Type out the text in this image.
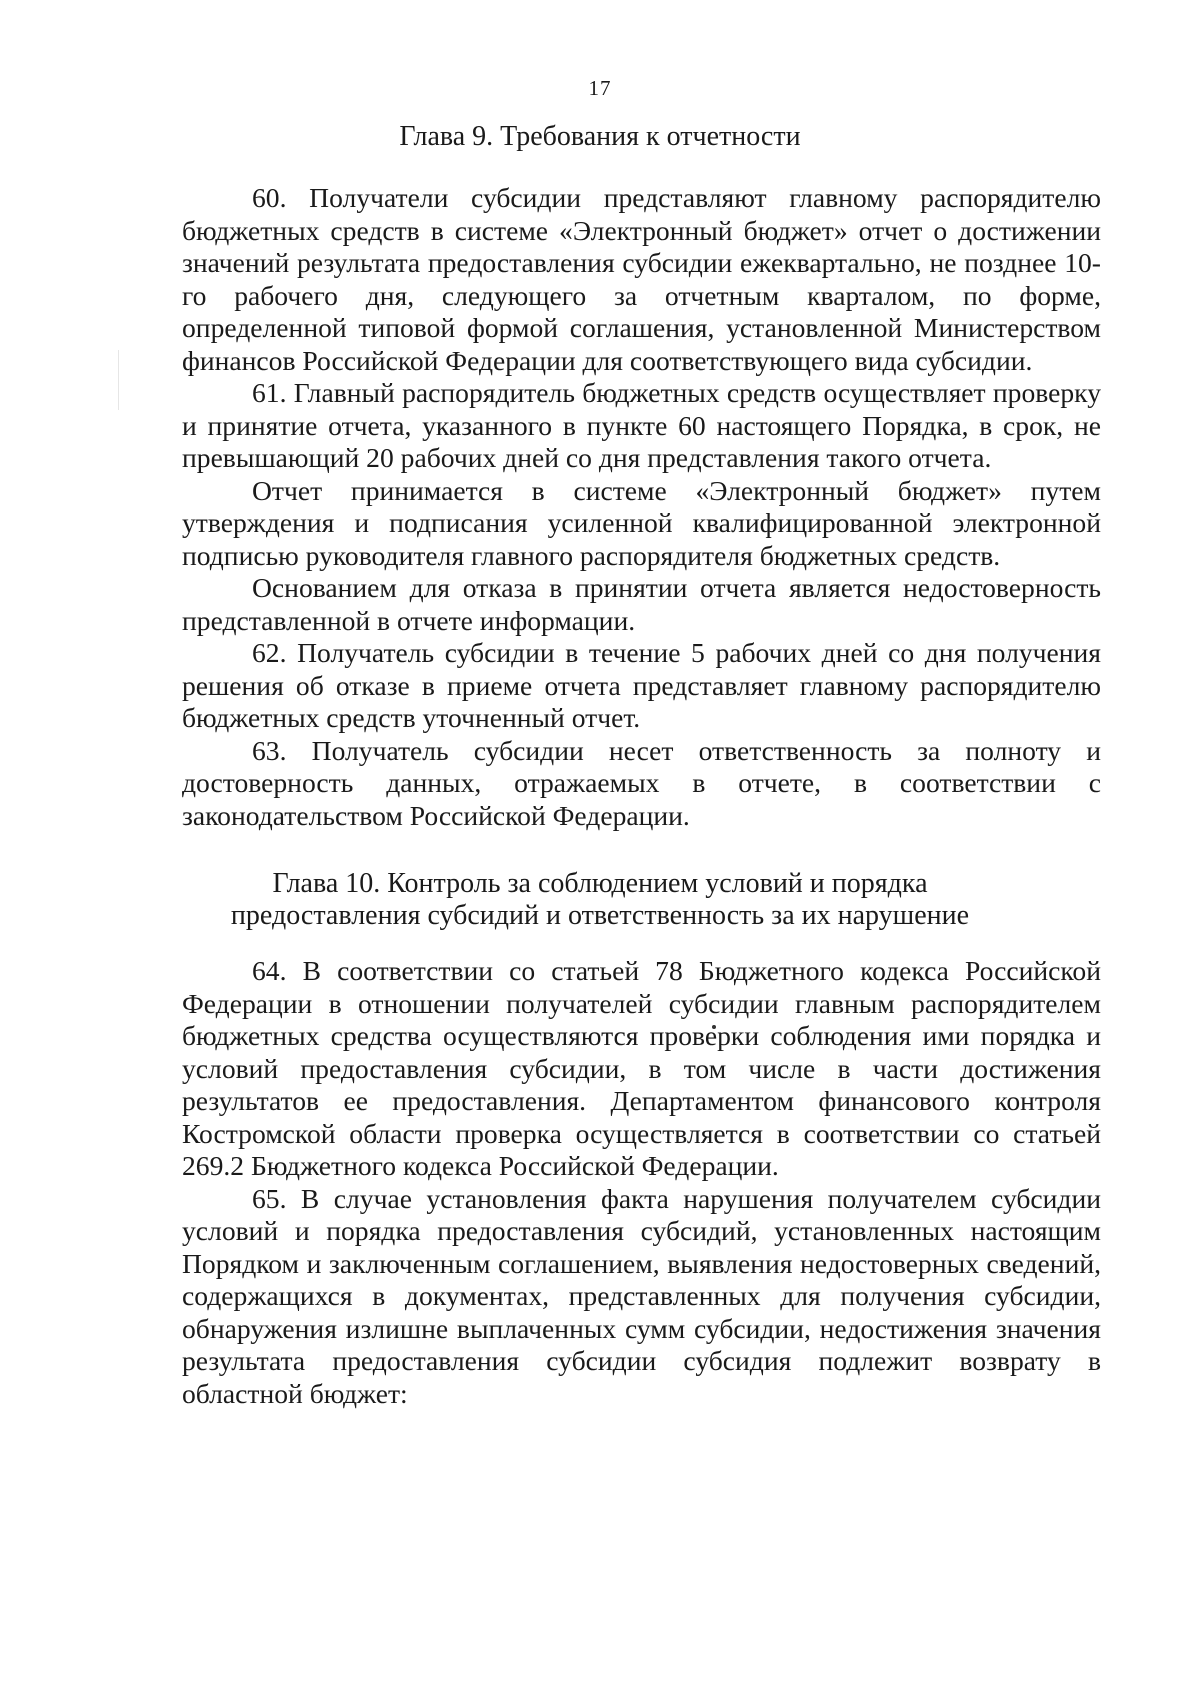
17
Глава 9. Требования к отчетности

60. Получатели субсидии представляют главному распорядителю бюджетных средств в системе «Электронный бюджет» отчет о достижении значений результата предоставления субсидии ежеквартально, не позднее 10-го рабочего дня, следующего за отчетным кварталом, по форме, определенной типовой формой соглашения, установленной Министерством финансов Российской Федерации для соответствующего вида субсидии.

61. Главный распорядитель бюджетных средств осуществляет проверку и принятие отчета, указанного в пункте 60 настоящего Порядка, в срок, не превышающий 20 рабочих дней со дня представления такого отчета.

Отчет принимается в системе «Электронный бюджет» путем утверждения и подписания усиленной квалифицированной электронной подписью руководителя главного распорядителя бюджетных средств.

Основанием для отказа в принятии отчета является недостоверность представленной в отчете информации.

62. Получатель субсидии в течение 5 рабочих дней со дня получения решения об отказе в приеме отчета представляет главному распорядителю бюджетных средств уточненный отчет.

63. Получатель субсидии несет ответственность за полноту и достоверность данных, отражаемых в отчете, в соответствии с законодательством Российской Федерации.

Глава 10. Контроль за соблюдением условий и порядка
предоставления субсидий и ответственность за их нарушение

64. В соответствии со статьей 78 Бюджетного кодекса Российской Федерации в отношении получателей субсидии главным распорядителем бюджетных средства осуществляются проверки соблюдения ими порядка и условий предоставления субсидии, в том числе в части достижения результатов ее предоставления. Департаментом финансового контроля Костромской области проверка осуществляется в соответствии со статьей 269.2 Бюджетного кодекса Российской Федерации.

65. В случае установления факта нарушения получателем субсидии условий и порядка предоставления субсидий, установленных настоящим Порядком и заключенным соглашением, выявления недостоверных сведений, содержащихся в документах, представленных для получения субсидии, обнаружения излишне выплаченных сумм субсидии, недостижения значения результата предоставления субсидии субсидия подлежит возврату в областной бюджет:
